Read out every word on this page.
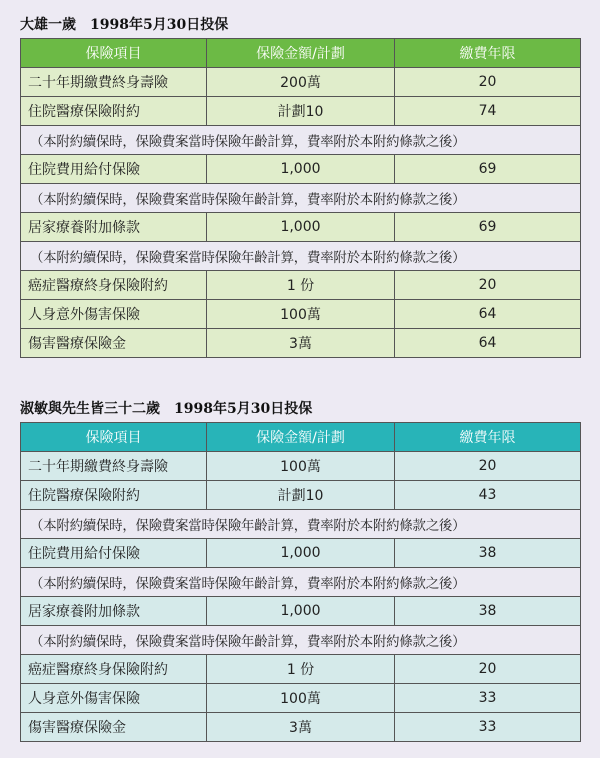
大雄一歲　1998年5月30日投保
保險項目	保險金額/計劃	繳費年限
二十年期繳費終身壽險	200萬	20
住院醫療保險附約	計劃10	74
（本附約續保時，保險費案當時保險年齡計算，費率附於本附約條款之後）		
住院費用給付保險	1,000	69
（本附約續保時，保險費案當時保險年齡計算，費率附於本附約條款之後）		
居家療養附加條款	1,000	69
（本附約續保時，保險費案當時保險年齡計算，費率附於本附約條款之後）		
癌症醫療終身保險附約	1 份	20
人身意外傷害保險	100萬	64
傷害醫療保險金	3萬	64
淑敏與先生皆三十二歲　1998年5月30日投保
保險項目	保險金額/計劃	繳費年限
二十年期繳費終身壽險	100萬	20
住院醫療保險附約	計劃10	43
（本附約續保時，保險費案當時保險年齡計算，費率附於本附約條款之後）		
住院費用給付保險	1,000	38
（本附約續保時，保險費案當時保險年齡計算，費率附於本附約條款之後）		
居家療養附加條款	1,000	38
（本附約續保時，保險費案當時保險年齡計算，費率附於本附約條款之後）		
癌症醫療終身保險附約	1 份	20
人身意外傷害保險	100萬	33
傷害醫療保險金	3萬	33
